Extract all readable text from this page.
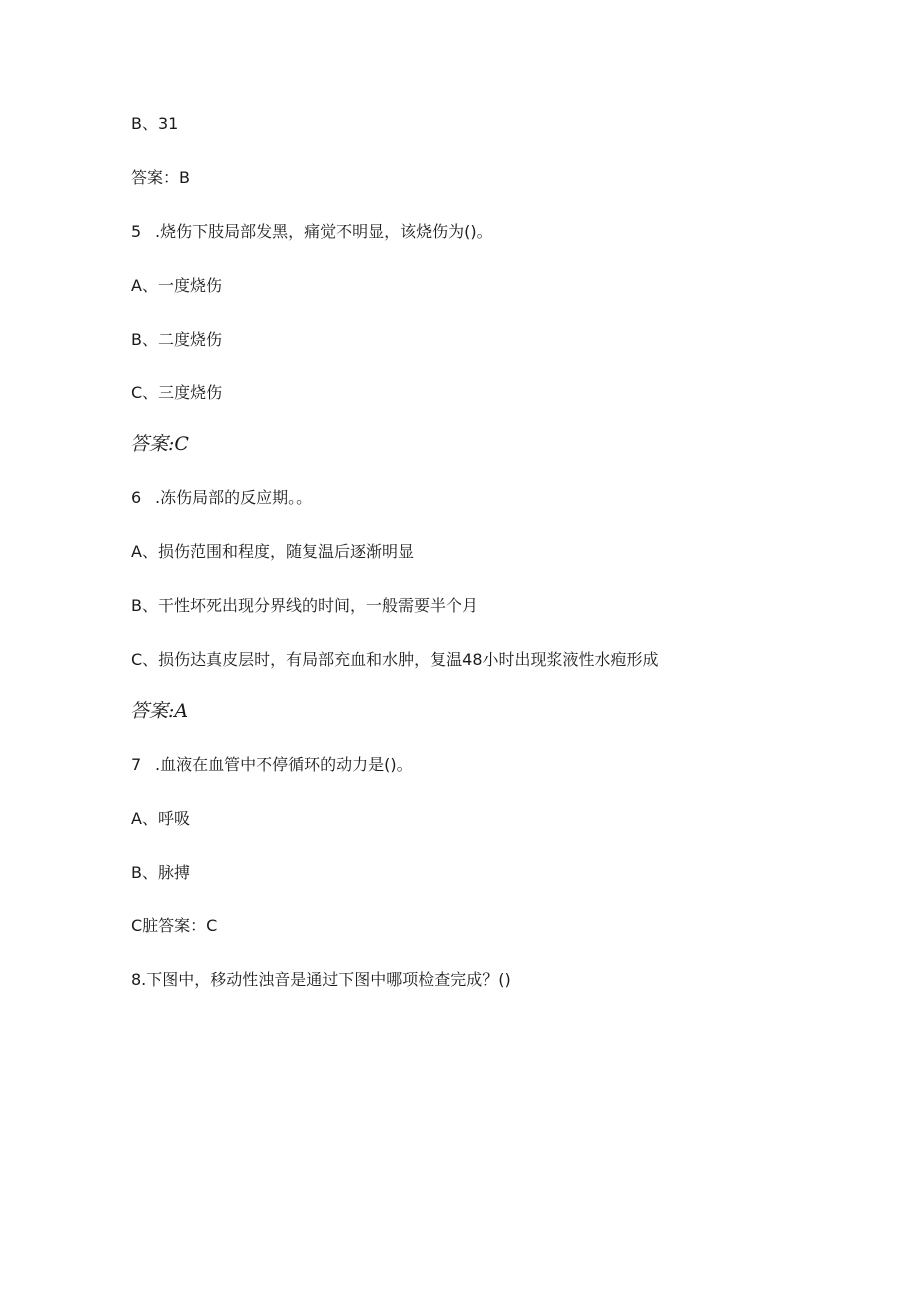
B、31
答案：B
5 .烧伤下肢局部发黑，痛觉不明显，该烧伤为()。
A、一度烧伤
B、二度烧伤
C、三度烧伤
答案:C
6 .冻伤局部的反应期。。
A、损伤范围和程度，随复温后逐渐明显
B、干性坏死出现分界线的时间，一般需要半个月
C、损伤达真皮层时，有局部充血和水肿，复温48小时出现浆液性水疱形成
答案:A
7 .血液在血管中不停循环的动力是()。
A、呼吸
B、脉搏
C脏答案：C
8.下图中，移动性浊音是通过下图中哪项检查完成？()
